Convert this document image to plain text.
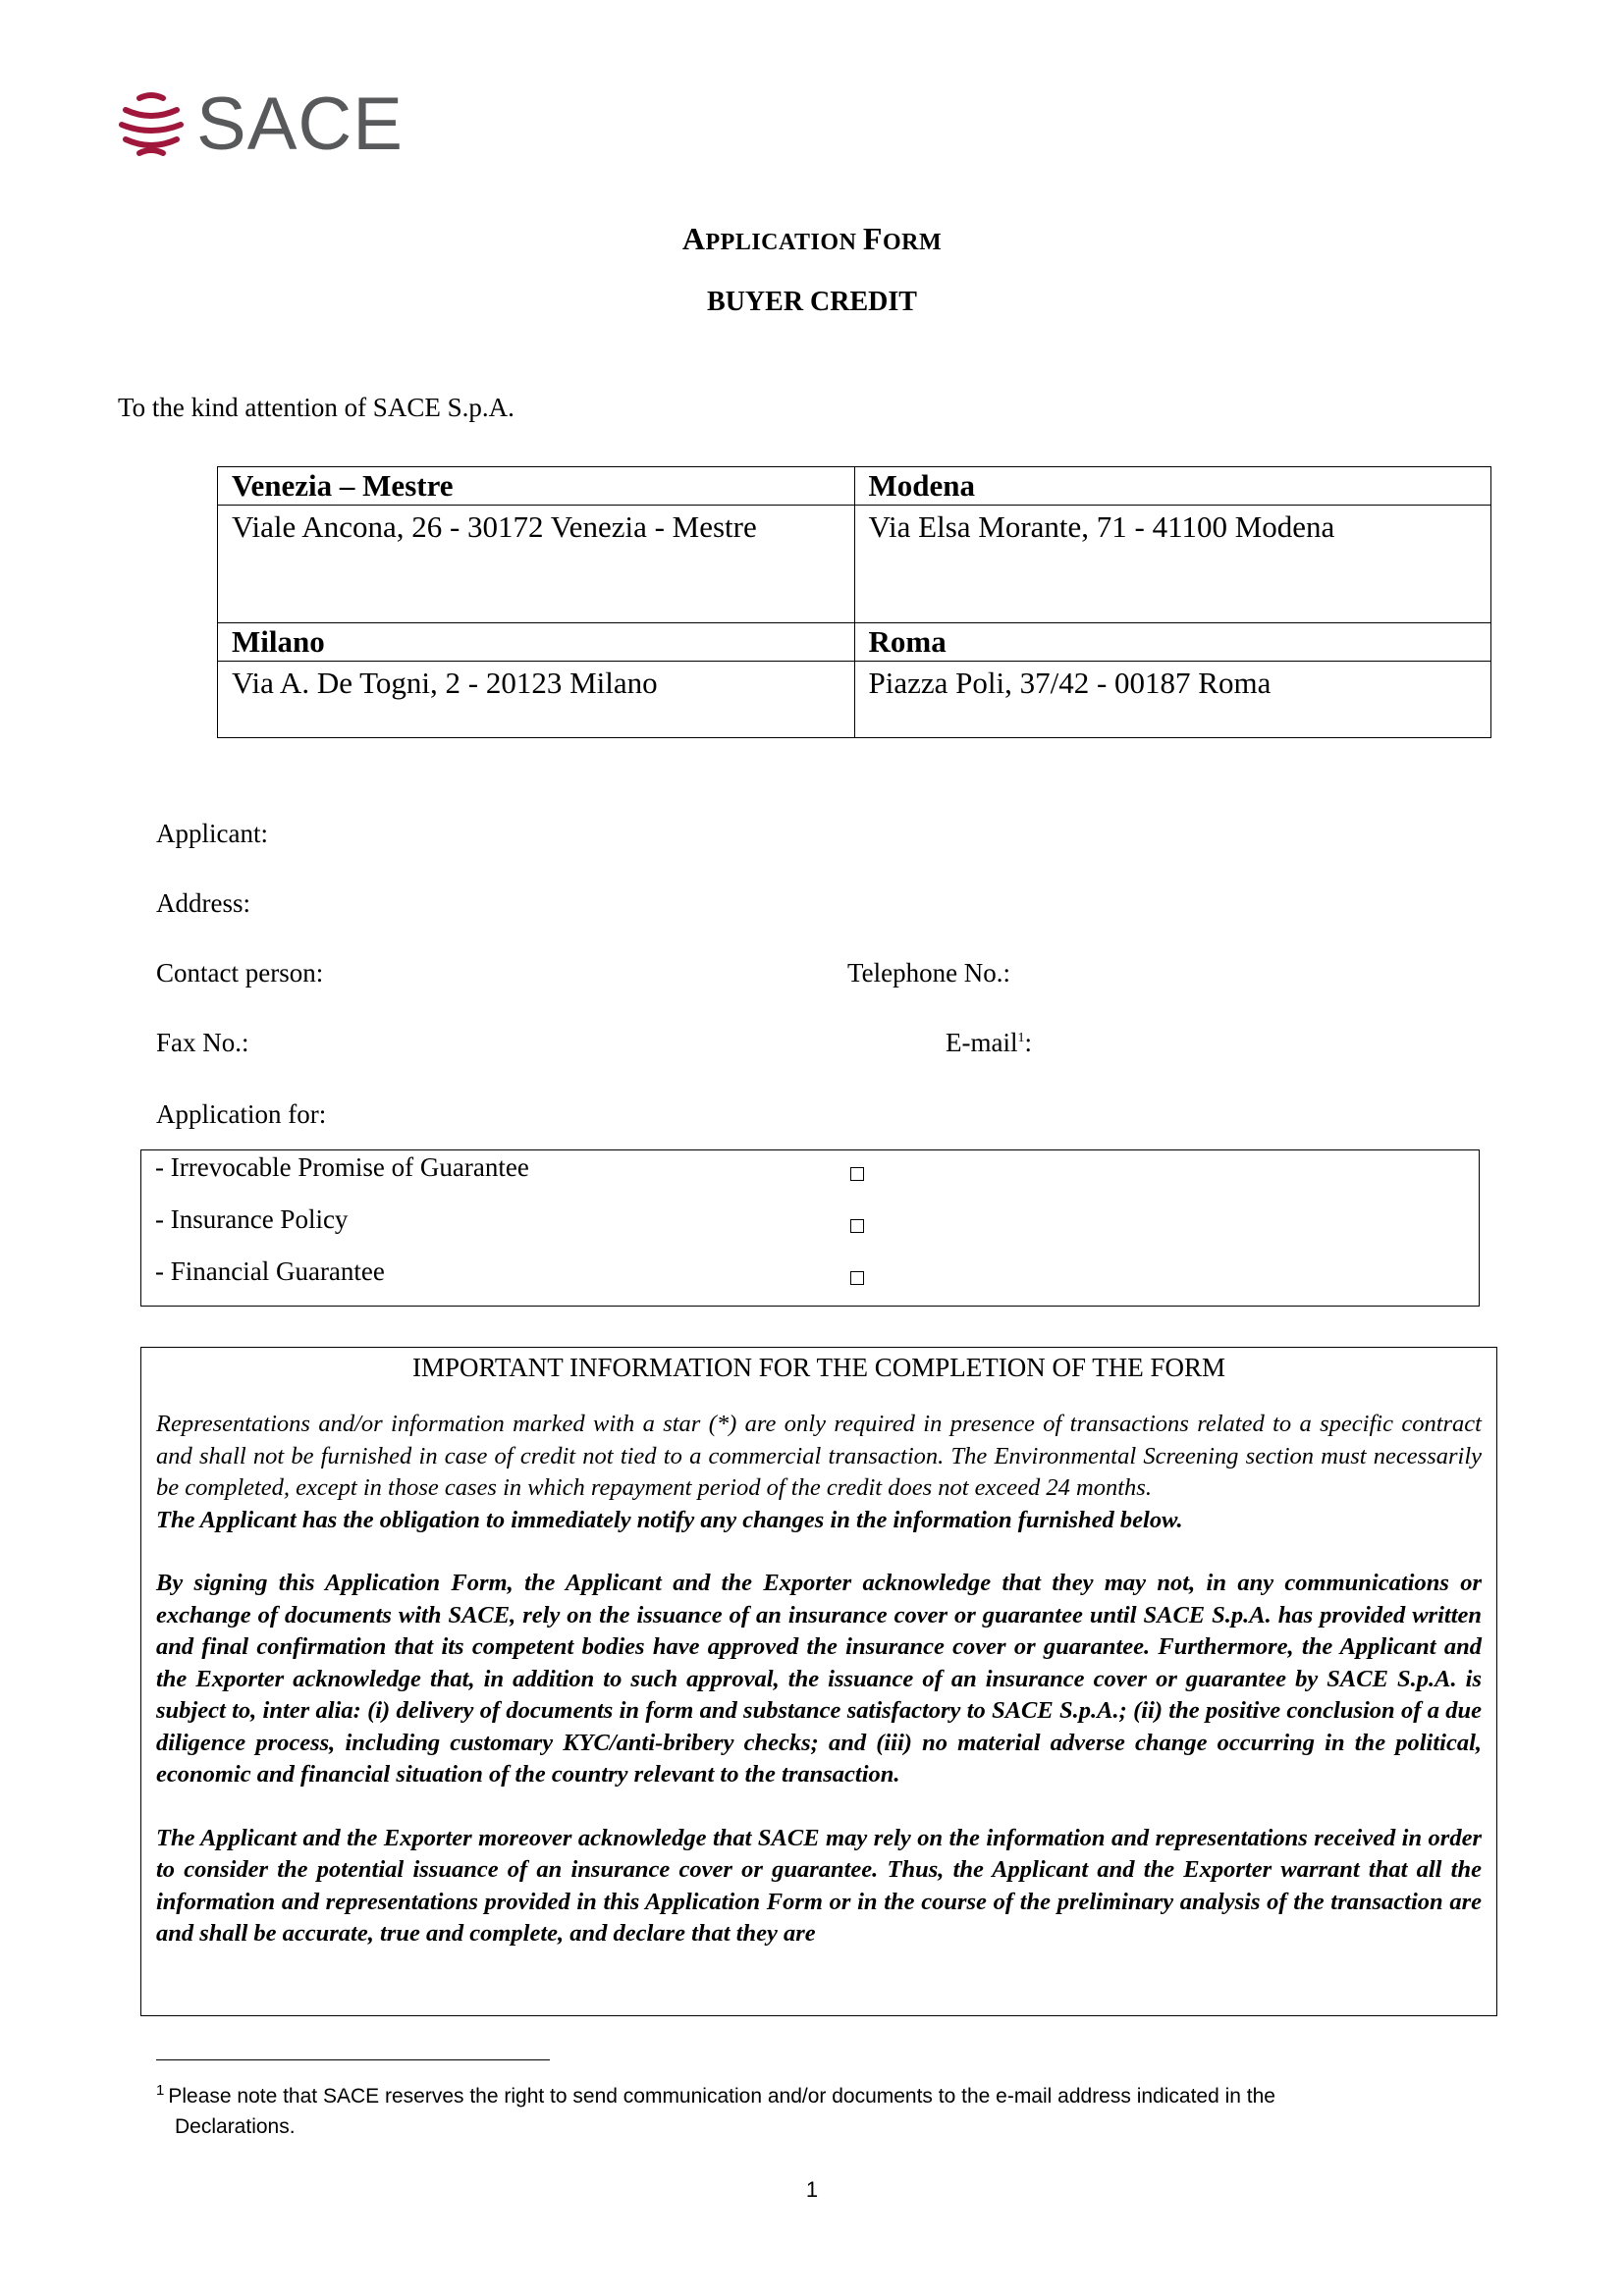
SACE
APPLICATION FORM
BUYER CREDIT
To the kind attention of SACE S.p.A.
Venezia – Mestre	Modena
Viale Ancona, 26 - 30172 Venezia - Mestre	Via Elsa Morante, 71 - 41100 Modena
Milano	Roma
Via A. De Togni, 2 - 20123 Milano	Piazza Poli, 37/42 - 00187 Roma
Applicant:
Address:
Contact person:	Telephone No.:
Fax No.:	E-mail$^1$:
Application for:
- Irrevocable Promise of Guarantee
- Insurance Policy
- Financial Guarantee
IMPORTANT INFORMATION FOR THE COMPLETION OF THE FORM

Representations and/or information marked with a star (*) are only required in presence of transactions related to a specific contract and shall not be furnished in case of credit not tied to a commercial transaction. The Environmental Screening section must necessarily be completed, except in those cases in which repayment period of the credit does not exceed 24 months.

The Applicant has the obligation to immediately notify any changes in the information furnished below.

By signing this Application Form, the Applicant and the Exporter acknowledge that they may not, in any communications or exchange of documents with SACE, rely on the issuance of an insurance cover or guarantee until SACE S.p.A. has provided written and final confirmation that its competent bodies have approved the insurance cover or guarantee. Furthermore, the Applicant and the Exporter acknowledge that, in addition to such approval, the issuance of an insurance cover or guarantee by SACE S.p.A. is subject to, inter alia: (i) delivery of documents in form and substance satisfactory to SACE S.p.A.; (ii) the positive conclusion of a due diligence process, including customary KYC/anti-bribery checks; and (iii) no material adverse change occurring in the political, economic and financial situation of the country relevant to the transaction.

The Applicant and the Exporter moreover acknowledge that SACE may rely on the information and representations received in order to consider the potential issuance of an insurance cover or guarantee. Thus, the Applicant and the Exporter warrant that all the information and representations provided in this Application Form or in the course of the preliminary analysis of the transaction are and shall be accurate, true and complete, and declare that they are

$^1$ Please note that SACE reserves the right to send communication and/or documents to the e-mail address indicated in the
Declarations.
1
